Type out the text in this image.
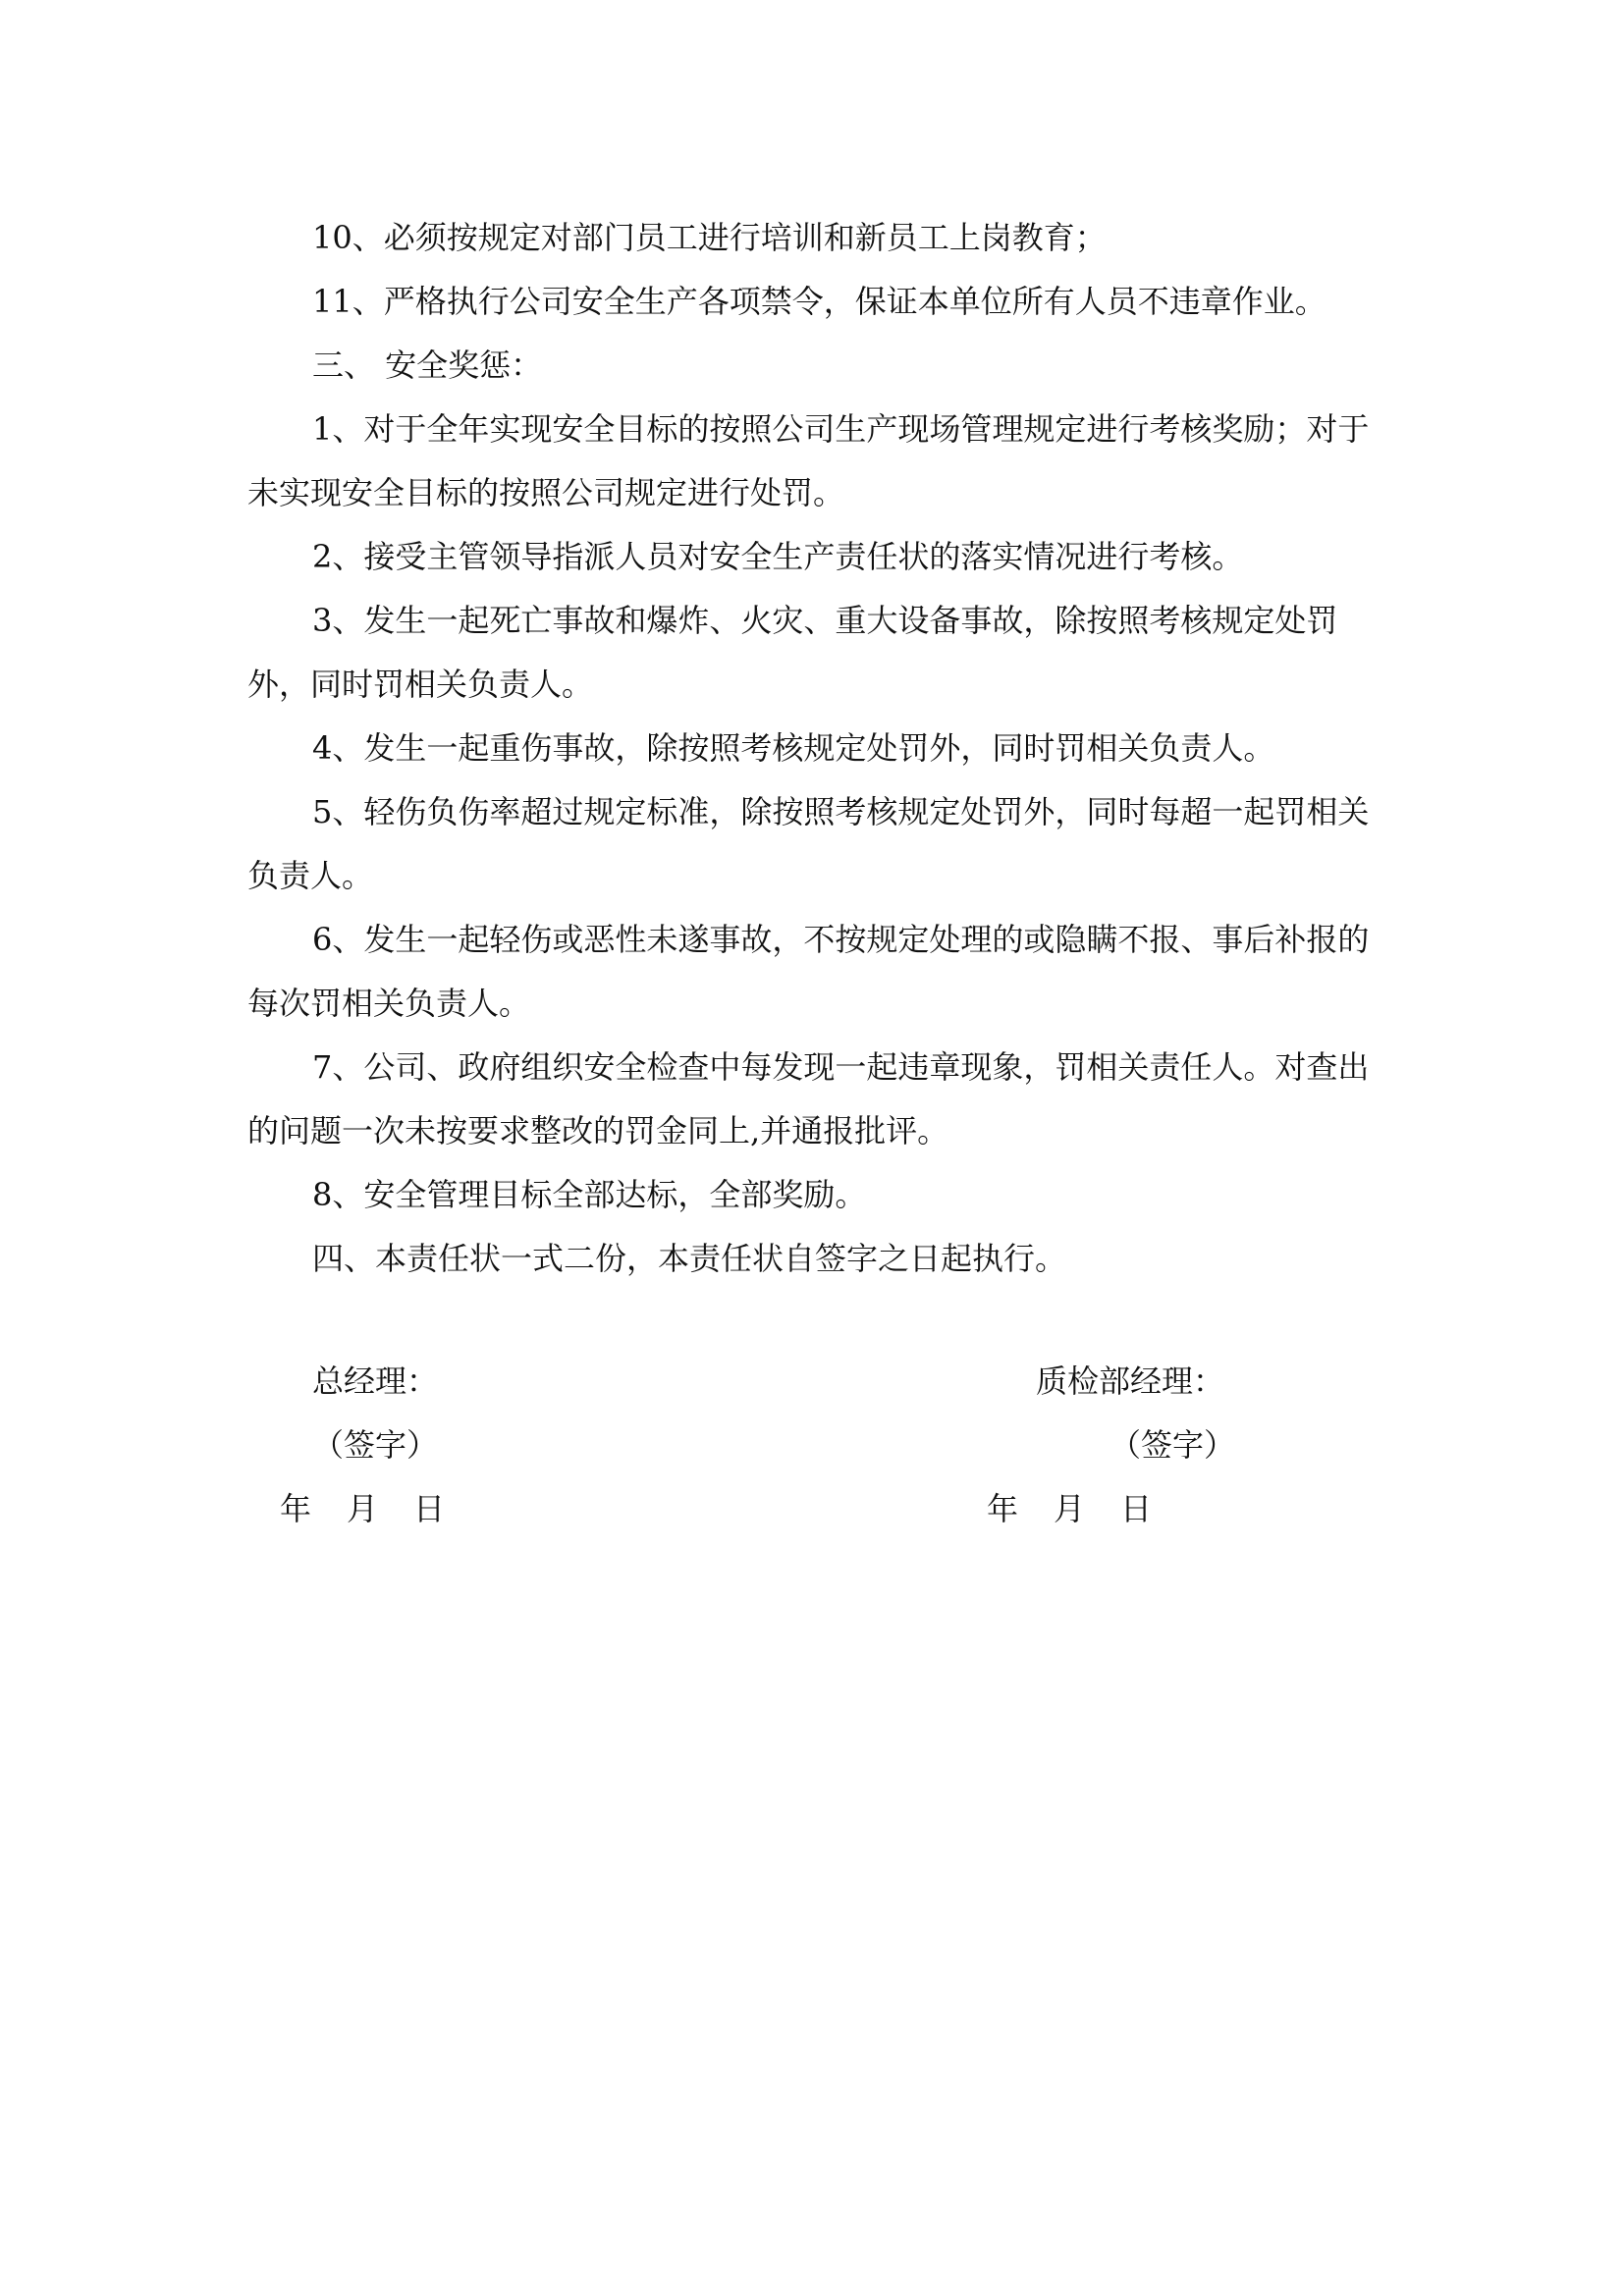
10、必须按规定对部门员工进行培训和新员工上岗教育；

11、严格执行公司安全生产各项禁令，保证本单位所有人员不违章作业。

三、 安全奖惩：

1、对于全年实现安全目标的按照公司生产现场管理规定进行考核奖励；对于未实现安全目标的按照公司规定进行处罚。

2、接受主管领导指派人员对安全生产责任状的落实情况进行考核。

3、发生一起死亡事故和爆炸、火灾、重大设备事故，除按照考核规定处罚外，同时罚相关负责人。

4、发生一起重伤事故，除按照考核规定处罚外，同时罚相关负责人。

5、轻伤负伤率超过规定标准，除按照考核规定处罚外，同时每超一起罚相关负责人。

6、发生一起轻伤或恶性未遂事故，不按规定处理的或隐瞒不报、事后补报的每次罚相关负责人。

7、公司、政府组织安全检查中每发现一起违章现象，罚相关责任人。对查出的问题一次未按要求整改的罚金同上,并通报批评。

8、安全管理目标全部达标，全部奖励。

四、本责任状一式二份，本责任状自签字之日起执行。

总经理：
（签字）
年 月 日
质检部经理：
（签字）
年 月 日
